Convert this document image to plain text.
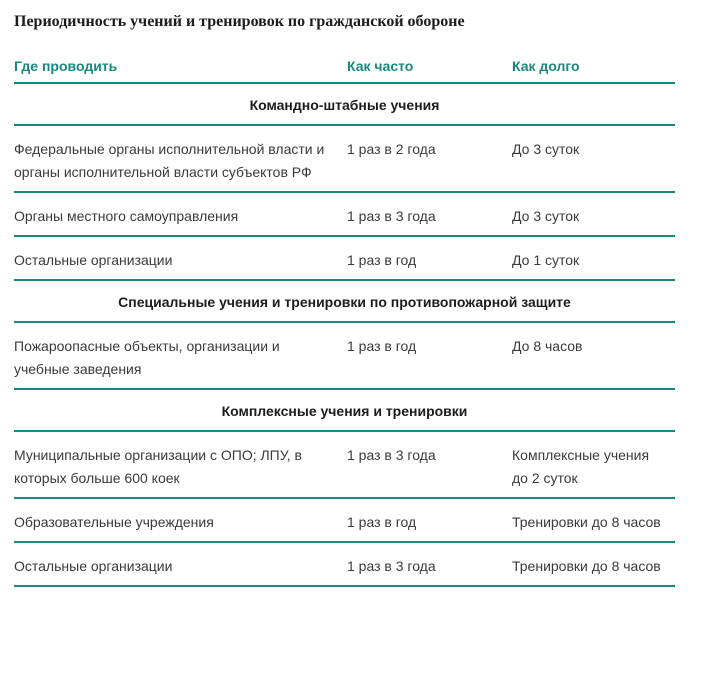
Периодичность учений и тренировок по гражданской обороне
Где проводить	Как часто	Как долго
Командно-штабные учения		
Федеральные органы исполнительной власти и органы исполнительной власти субъектов РФ	1 раз в 2 года	До 3 суток
Органы местного самоуправления	1 раз в 3 года	До 3 суток
Остальные организации	1 раз в год	До 1 суток
Специальные учения и тренировки по противопожарной защите		
Пожароопасные объекты, организации и учебные заведения	1 раз в год	До 8 часов
Комплексные учения и тренировки		
Муниципальные организации с ОПО; ЛПУ, в которых больше 600 коек	1 раз в 3 года	Комплексные учения до 2 суток
Образовательные учреждения	1 раз в год	Тренировки до 8 часов
Остальные организации	1 раз в 3 года	Тренировки до 8 часов
